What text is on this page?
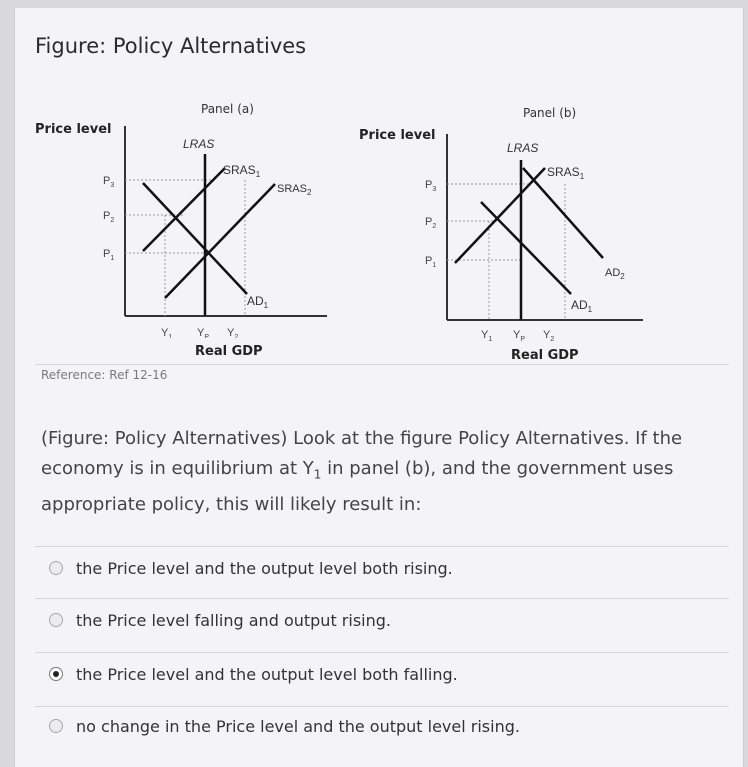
Figure: Policy Alternatives
Panel (a)
Price level
LRAS
$SRAS_1$
$SRAS_2$
$AD_1$
$P_3$
$P_2$
$P_1$
$Y_1$ $Y_P$ $Y_2$
Real GDP
Panel (b)
Price level
LRAS
$SRAS_1$
$AD_1$
$AD_2$
$P_3$
$P_2$
$P_1$
$Y_1$ $Y_P$ $Y_2$
Real GDP
Reference: Ref 12-16
(Figure: Policy Alternatives) Look at the figure Policy Alternatives. If the economy is in equilibrium at $Y_1$ in panel (b), and the government uses appropriate policy, this will likely result in:
the Price level and the output level both rising.
the Price level falling and output rising.
the Price level and the output level both falling.
no change in the Price level and the output level rising.
